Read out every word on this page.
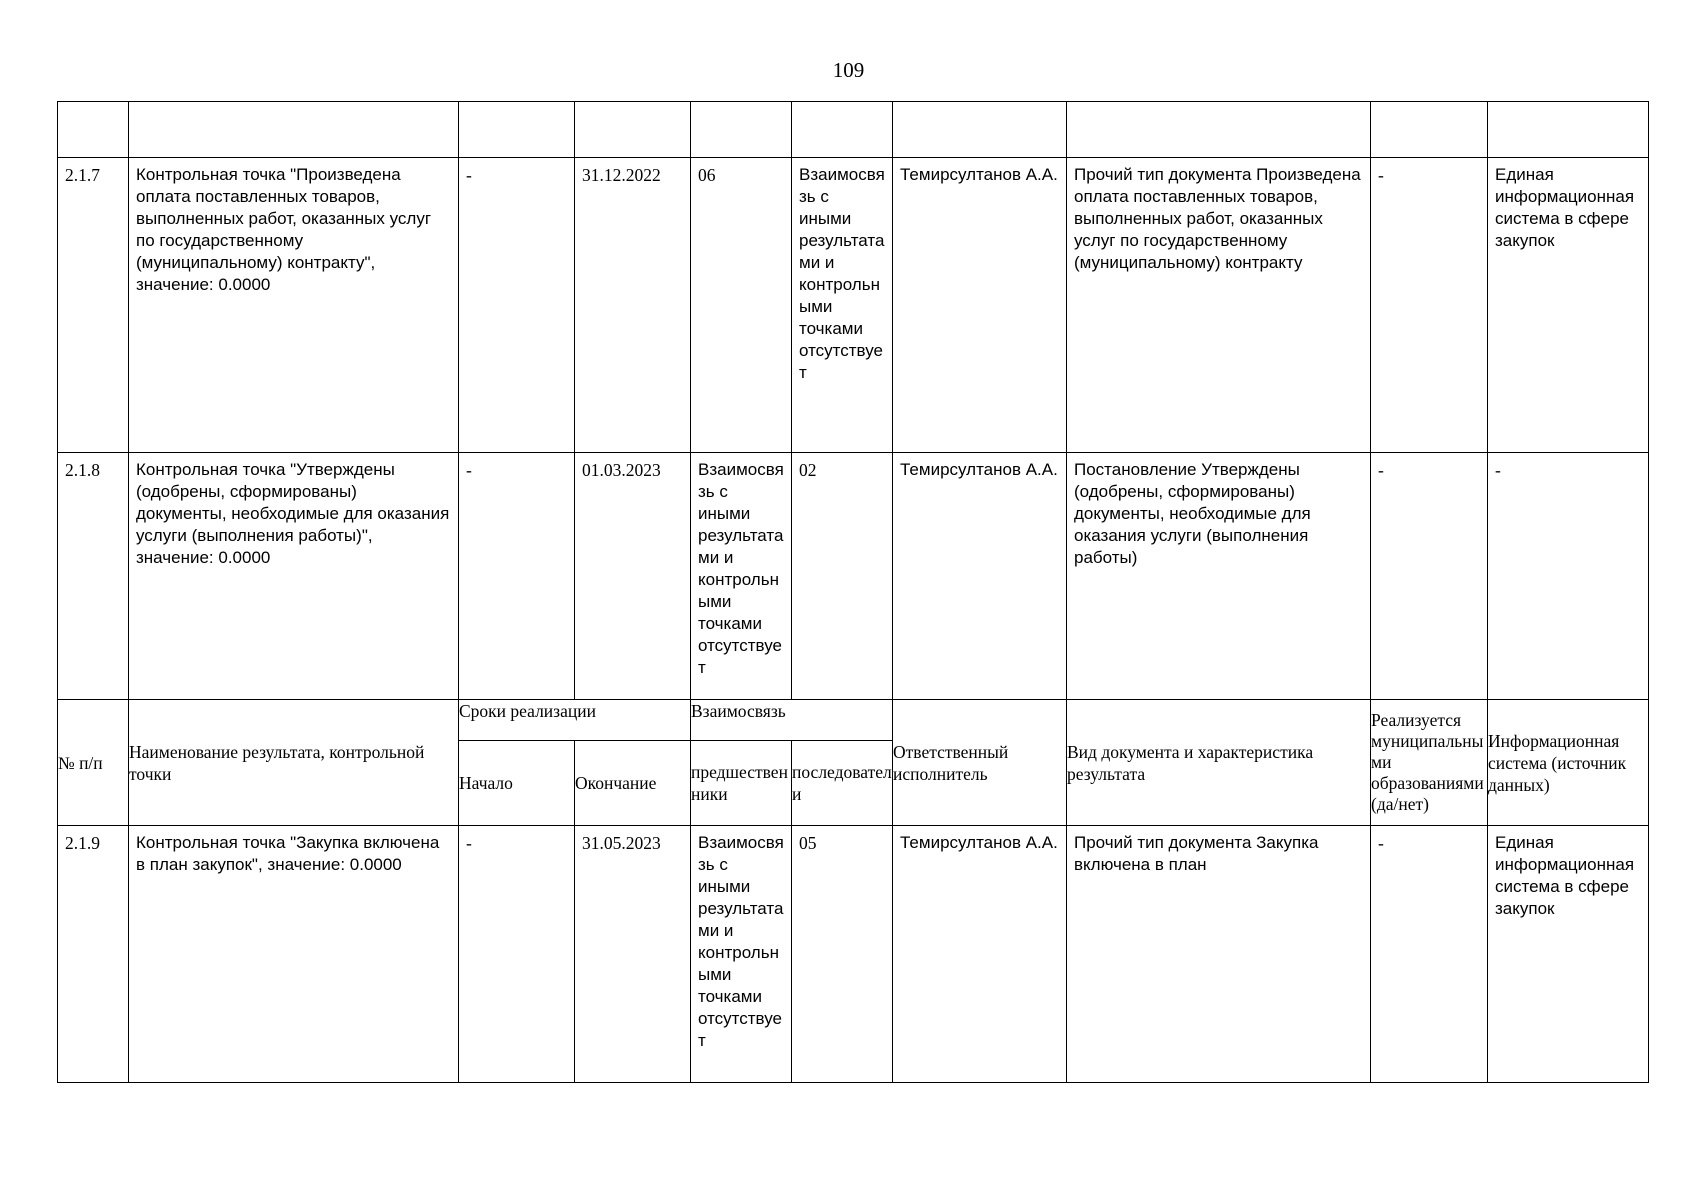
109

2.1.7	Контрольная точка "Произведена оплата поставленных товаров, выполненных работ, оказанных услуг по государственному (муниципальному) контракту", значение: 0.0000	-	31.12.2022	06	Взаимосвязь с иными результатами и контрольными точками отсутствует	Темирсултанов А.А.	Прочий тип документа Произведена оплата поставленных товаров, выполненных работ, оказанных услуг по государственному (муниципальному) контракту	-	Единая информационная система в сфере закупок
2.1.8	Контрольная точка "Утверждены (одобрены, сформированы) документы, необходимые для оказания услуги (выполнения работы)", значение: 0.0000	-	01.03.2023	Взаимосвязь с иными результатами и контрольными точками отсутствует	02	Темирсултанов А.А.	Постановление Утверждены (одобрены, сформированы) документы, необходимые для оказания услуги (выполнения работы)	-	-
№ п/п	Наименование результата, контрольной точки	Сроки реализации		Взаимосвязь		Ответственный исполнитель	Вид документа и характеристика результата	Реализуется муниципальными образованиями (да/нет)	Информационная система (источник данных)
		Начало	Окончание	предшественники	последователи				
2.1.9	Контрольная точка "Закупка включена в план закупок", значение: 0.0000	-	31.05.2023	Взаимосвязь с иными результатами и контрольными точками отсутствует	05	Темирсултанов А.А.	Прочий тип документа Закупка включена в план	-	Единая информационная система в сфере закупок
